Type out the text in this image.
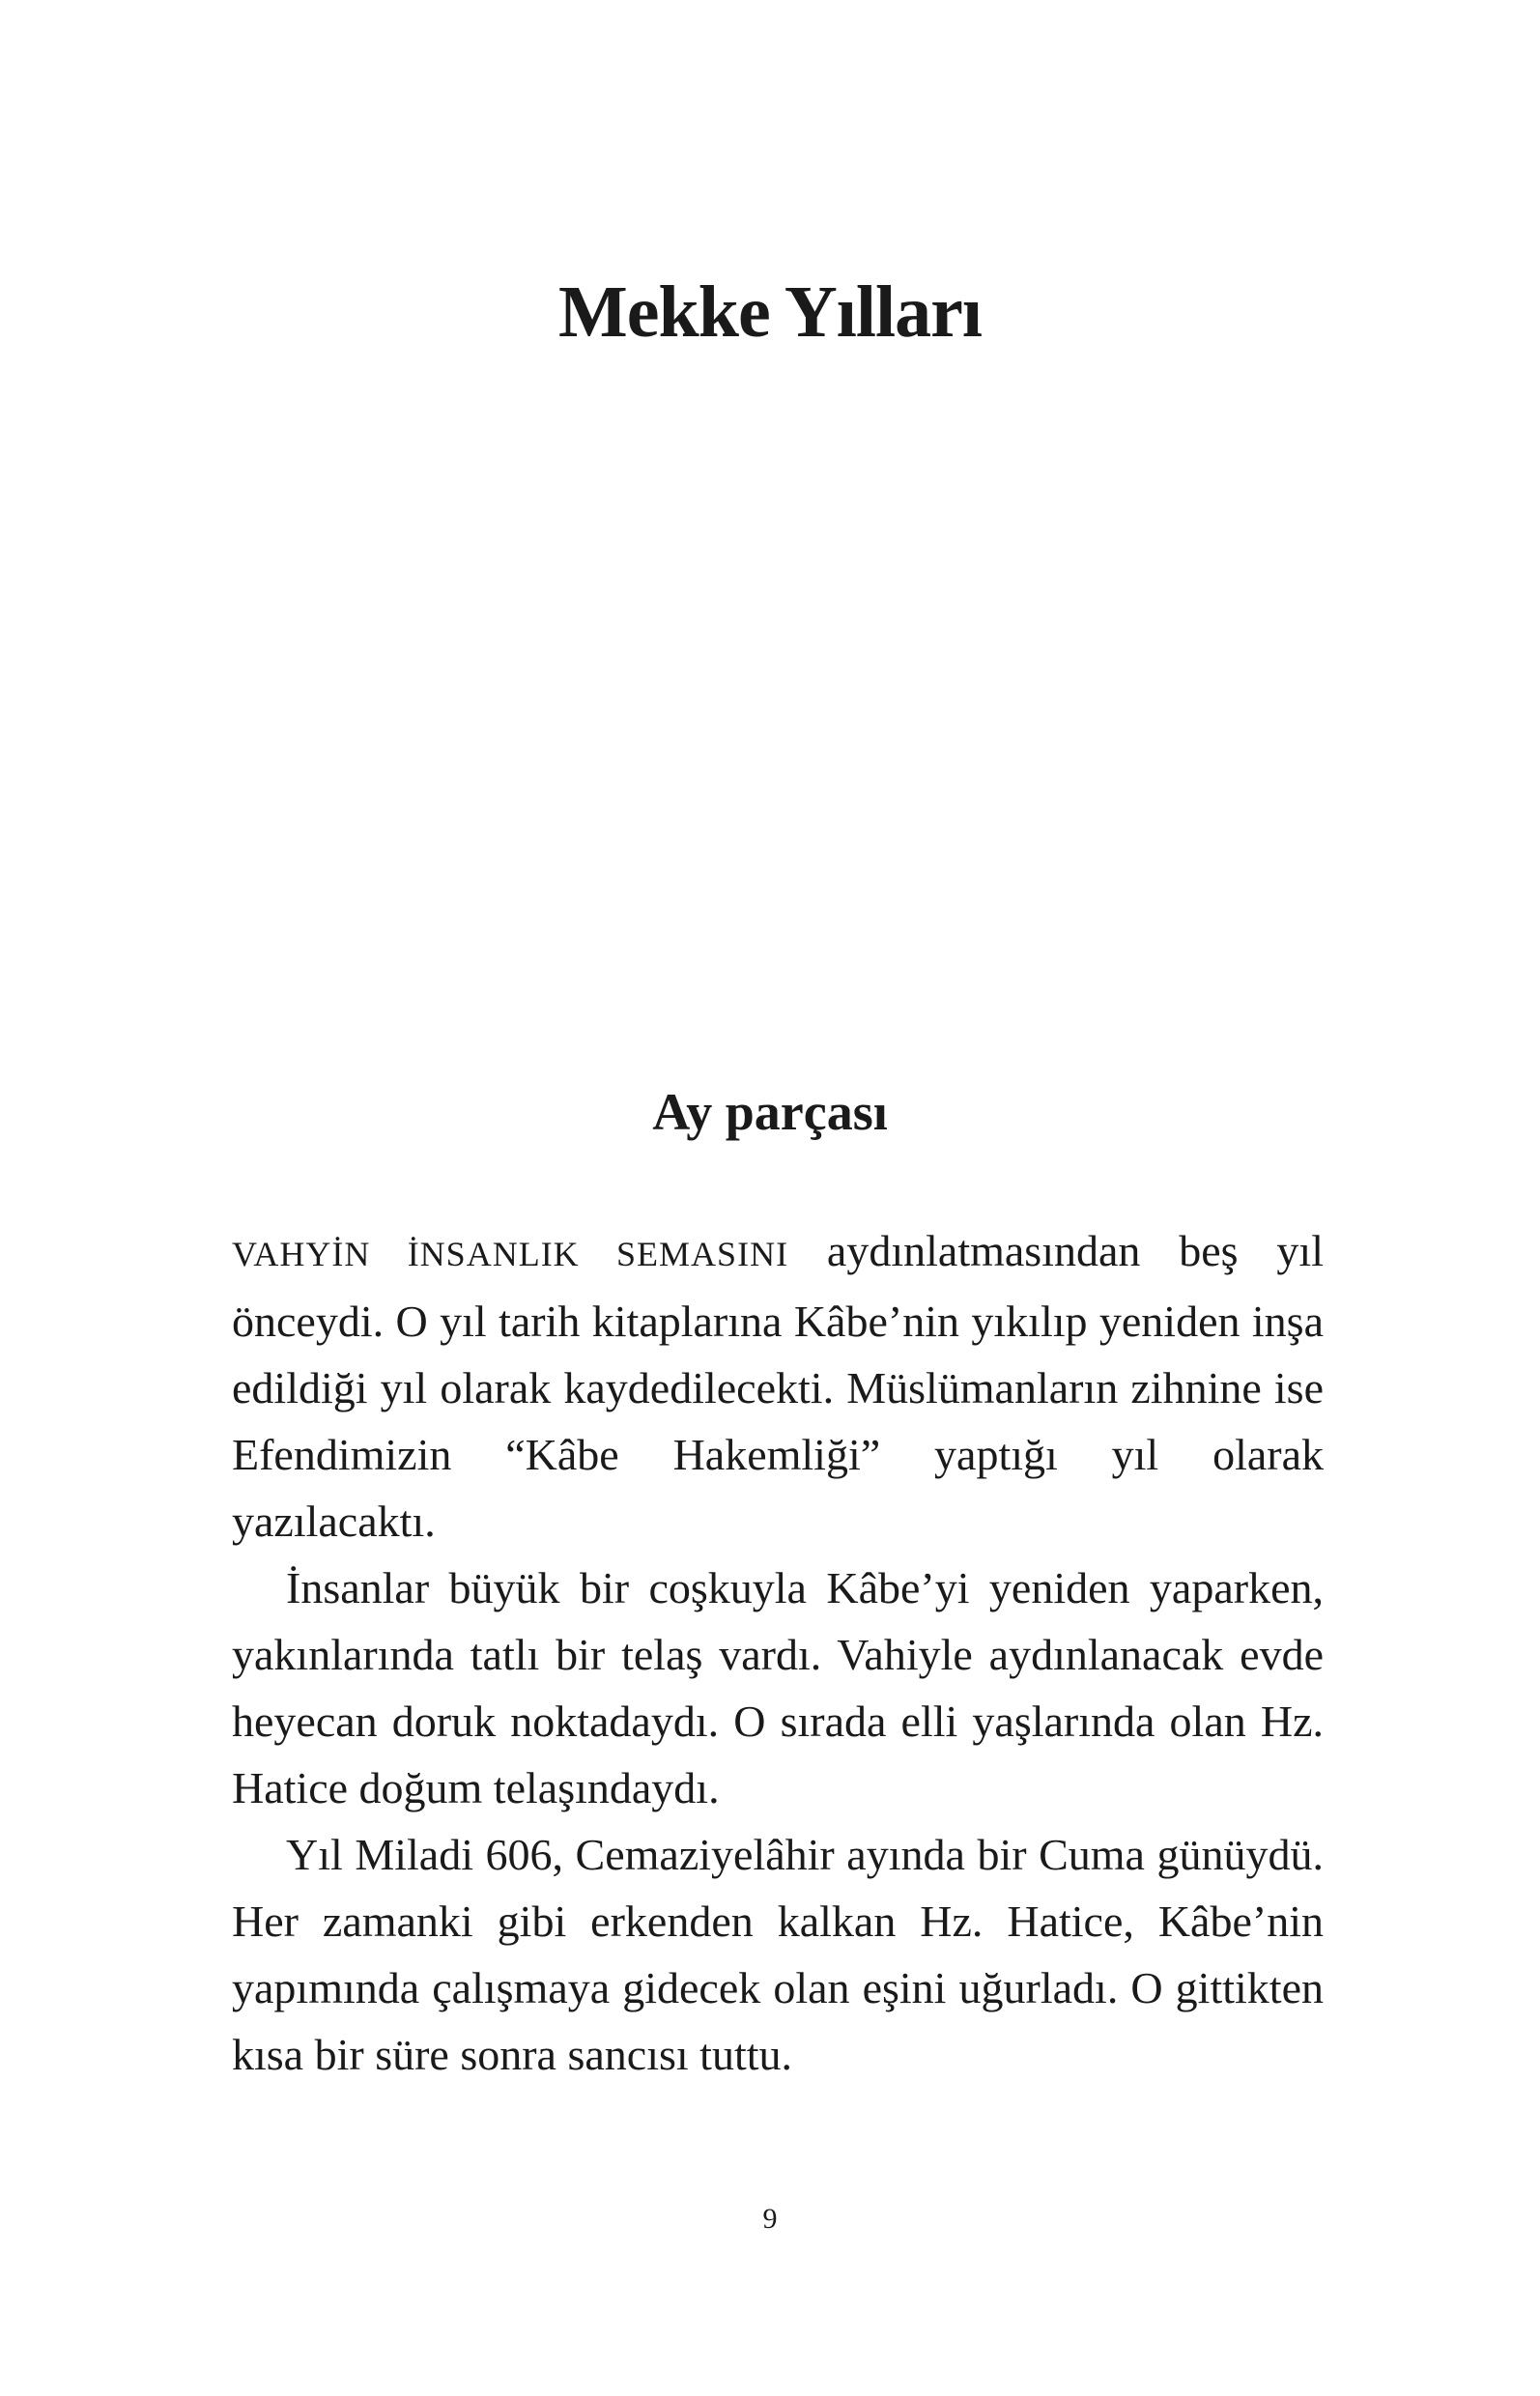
Mekke Yılları
Ay parçası

VAHYİN İNSANLIK SEMASINI aydınlatmasından beş yıl önceydi. O yıl tarih kitaplarına Kâbe’nin yıkılıp yeniden inşa edildiği yıl olarak kaydedilecekti. Müslümanların zihnine ise Efendimizin “Kâbe Hakemliği” yaptığı yıl olarak yazılacaktı.

İnsanlar büyük bir coşkuyla Kâbe’yi yeniden yaparken, yakınlarında tatlı bir telaş vardı. Vahiyle aydınlanacak evde heyecan doruk noktadaydı. O sırada elli yaşlarında olan Hz. Hatice doğum telaşındaydı.

Yıl Miladi 606, Cemaziyelâhir ayında bir Cuma günüydü. Her zamanki gibi erkenden kalkan Hz. Hatice, Kâbe’nin yapımında çalışmaya gidecek olan eşini uğurladı. O gittikten kısa bir süre sonra sancısı tuttu.

9
